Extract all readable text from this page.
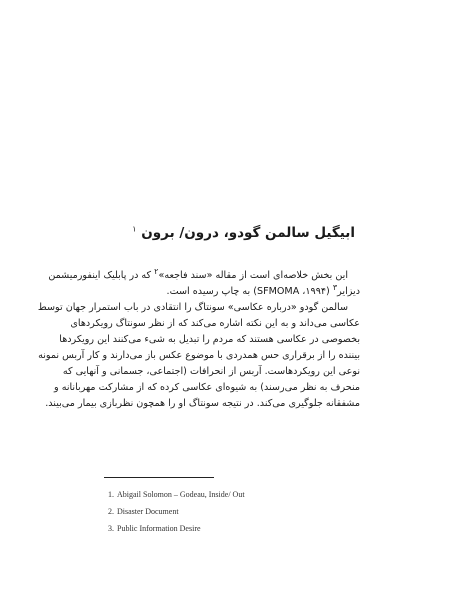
ابیگیل سالمن گودو، درون/ برون $^۱$
این بخش خلاصه‌ای است از مقاله «سند فاجعه»$^۲$ که در پابلیک اینفورمیشمن
دیزایر$^۳$ (SFMOMA ،۱۹۹۴) به چاپ رسیده است.
سالمن گودو «درباره عکاسی» سونتاگ را انتقادی در باب استمرار جهان توسط
عکاسی می‌داند و به این نکته اشاره می‌کند که از نظر سونتاگ رویکردهای
بخصوصی در عکاسی هستند که مردم را تبدیل به شیء می‌کنند این رویکردها
بیننده را از برقراری حس همدردی با موضوع عکس باز می‌دارند و کار آربس نمونه
نوعی این رویکردهاست. آربس از انحرافات (اجتماعی، جسمانی و آنهایی که
منحرف به نظر می‌رسند) به شیوه‌ای عکاسی کرده که از مشارکت مهربانانه و
مشفقانه جلوگیری می‌کند. در نتیجه سونتاگ او را همچون نظربازی بیمار می‌بیند.
1. Abigail Solomon – Godeau, Inside/ Out
2. Disaster Document
3. Public Information Desire
